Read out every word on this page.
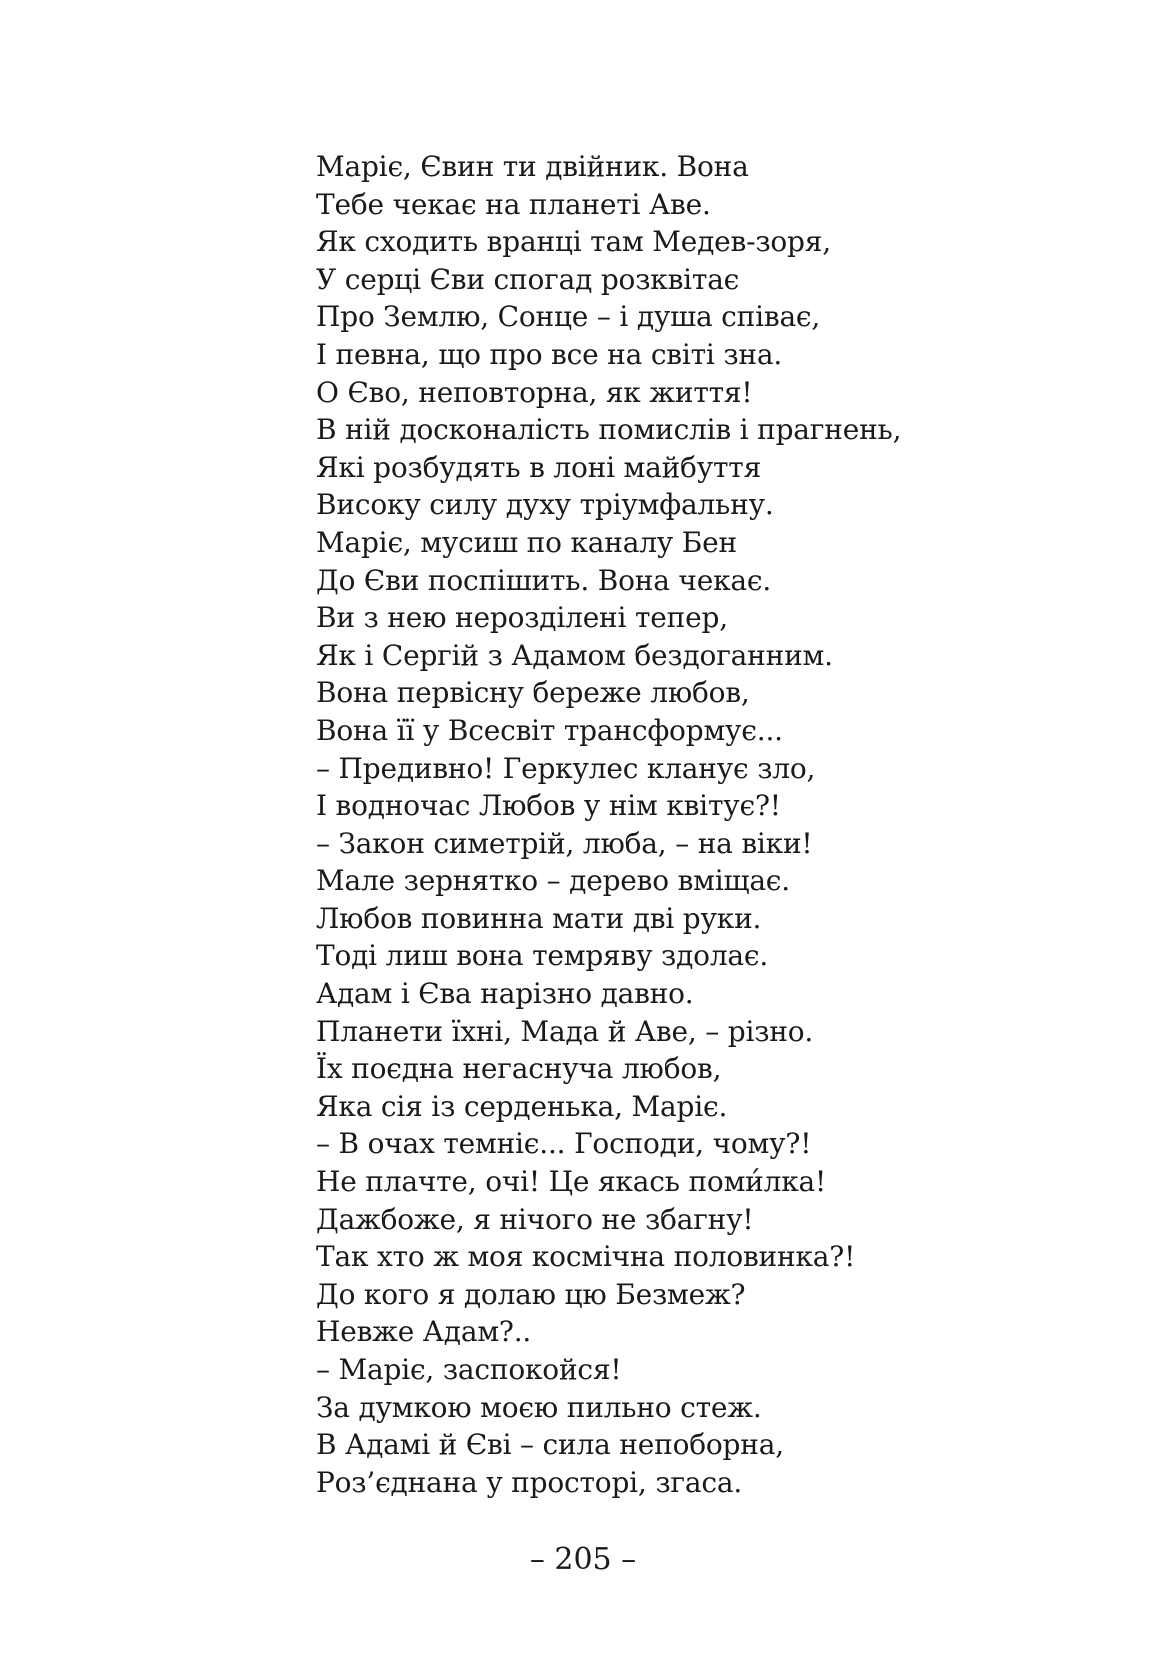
Маріє, Євин ти двійник. Вона
Тебе чекає на планеті Аве.
Як сходить вранці там Медев-зоря,
У серці Єви спогад розквітає
Про Землю, Сонце – і душа співає,
І певна, що про все на світі зна.
О Єво, неповторна, як життя!
В ній досконалість помислів і прагнень,
Які розбудять в лоні майбуття
Високу силу духу тріумфальну.
Маріє, мусиш по каналу Бен
До Єви поспішить. Вона чекає.
Ви з нею нерозділені тепер,
Як і Сергій з Адамом бездоганним.
Вона первісну береже любов,
Вона її у Всесвіт трансформує...
– Предивно! Геркулес кланує зло,
І водночас Любов у нім квітує?!
– Закон симетрій, люба, – на віки!
Мале зернятко – дерево вміщає.
Любов повинна мати дві руки.
Тоді лиш вона темряву здолає.
Адам і Єва нарізно давно.
Планети їхні, Мада й Аве, – різно.
Їх поєдна негаснуча любов,
Яка сія із серденька, Маріє.
– В очах темніє... Господи, чому?!
Не плачте, очі! Це якась поми́лка!
Дажбоже, я нічого не збагну!
Так хто ж моя космічна половинка?!
До кого я долаю цю Безмеж?
Невже Адам?..
– Маріє, заспокойся!
За думкою моєю пильно стеж.
В Адамі й Єві – сила непоборна,
Роз’єднана у просторі, згаса.
– 205 –
